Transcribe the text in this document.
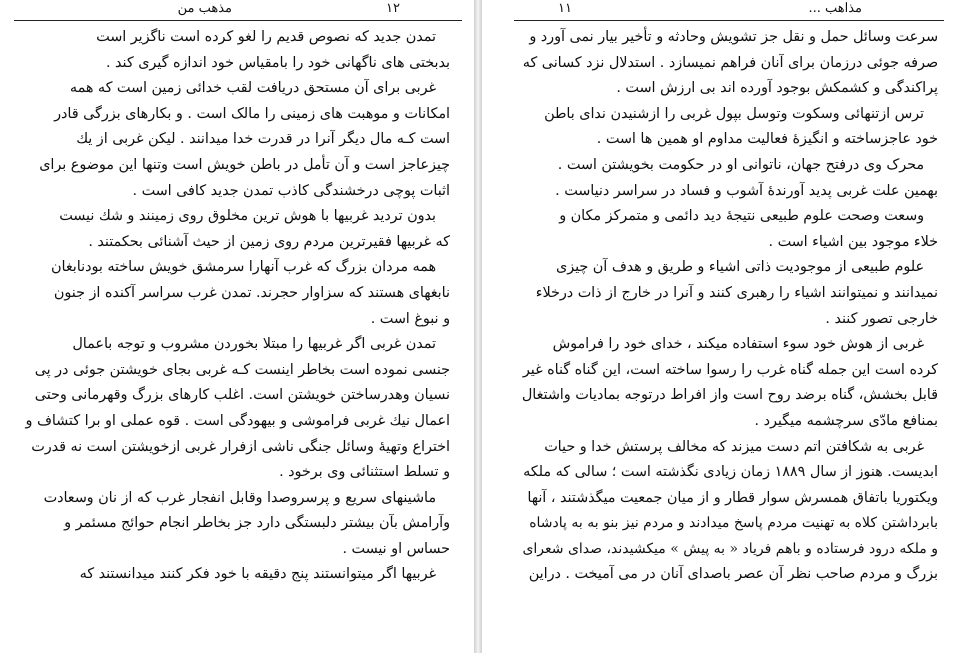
۱۲
مذهب من
تمدن جدید که نصوص قدیم را لغو کرده است ناگزیر است
بدبختی های ناگهانی خود را بامقیاس خود اندازه گیری کند .
غربی برای آن مستحق دریافت لقب خدائی زمین است که همه
امکانات و موهبت های زمینی را مالک است . و بکارهای بزرگی قادر
است کـه مال دیگر آنرا در قدرت خدا میدانند . لیکن غربی از یك
چیزعاجز است و آن تأمل در باطن خویش است وتنها این موضوع برای
اثبات پوچی درخشندگی کاذب تمدن جدید کافی است .
بدون تردید غربیها با هوش ترین مخلوق روی زمینند و شك نیست
که غربیها فقیرترین مردم روی زمین از حیث آشنائی بحکمتند .
همه مردان بزرگ که غرب آنهارا سرمشق خویش ساخته بودنابغان
نابغهای هستند که سزاوار حجرند. تمدن غرب سراسر آکنده از جنون
و نبوغ است .
تمدن غربی اگر غربیها را مبتلا بخوردن مشروب و توجه باعمال
جنسی نموده است بخاطر اینست کـه غربی بجای خویشتن جوئی در پی
نسیان وهدرساختن خویشتن است. اغلب کارهای بزرگ وقهرمانی وحتی
اعمال نیك غربی فراموشی و بیهودگی است . قوه عملی او برا کتشاف و
اختراع وتهیهٔ وسائل جنگی ناشی ازفرار غربی ازخویشتن است نه قدرت
و تسلط استثنائی وی برخود .
ماشینهای سریع و پرسروصدا وقابل انفجار غرب که از نان وسعادت
وآرامش بآن بیشتر دلبستگی دارد جز بخاطر انجام حوائج مسئمر و
حساس او نیست .
غربیها اگر میتوانستند پنج دقیقه با خود فکر کنند میدانستند که
مذاهب ...
۱۱
سرعت وسائل حمل و نقل جز تشویش وحادثه و تأخیر بیار نمی آورد و
صرفه جوئی درزمان برای آنان فراهم نمیسازد . استدلال نزد کسانی که
پراکندگی و کشمکش بوجود آورده اند بی ارزش است .
ترس ازتنهائی وسکوت وتوسل بپول غربی را ازشنیدن ندای باطن
خود عاجزساخته و انگیزهٔ فعالیت مداوم او همین ها است .
محرک وی درفتح جهان، ناتوانی او در حکومت بخویشتن است .
بهمین علت غربی پدید آورندهٔ آشوب و فساد در سراسر دنیاست .
وسعت وصحت علوم طبیعی نتیجهٔ دید دائمی و متمرکز مکان و
خلاء موجود بین اشیاء است .
علوم طبیعی از موجودیت ذاتی اشیاء و طریق و هدف آن چیزی
نمیدانند و نمیتوانند اشیاء را رهبری کنند و آنرا در خارج از ذات درخلاء
خارجی تصور کنند .
غربی از هوش خود سوء استفاده میکند ، خدای خود را فراموش
کرده است این جمله گناه غرب را رسوا ساخته است، این گناه گناه غیر
قابل بخشش، گناه برضد روح است واز افراط درتوجه بمادیات واشتغال
بمنافع مادّی سرچشمه میگیرد .
غربی به شکافتن اتم دست میزند که مخالف پرستش خدا و حیات
ابدیست. هنوز از سال ۱۸۸۹ زمان زیادی نگذشته است ؛ سالی که ملکه
ویکتوریا باتفاق همسرش سوار قطار و از میان جمعیت میگذشتند ، آنها
بابرداشتن کلاه به تهنیت مردم پاسخ میدادند و مردم نیز بنو به به پادشاه
و ملکه درود فرستاده و باهم فریاد « به پیش » میکشیدند، صدای شعرای
بزرگ و مردم صاحب نظر آن عصر باصدای آنان در می آمیخت . دراین
